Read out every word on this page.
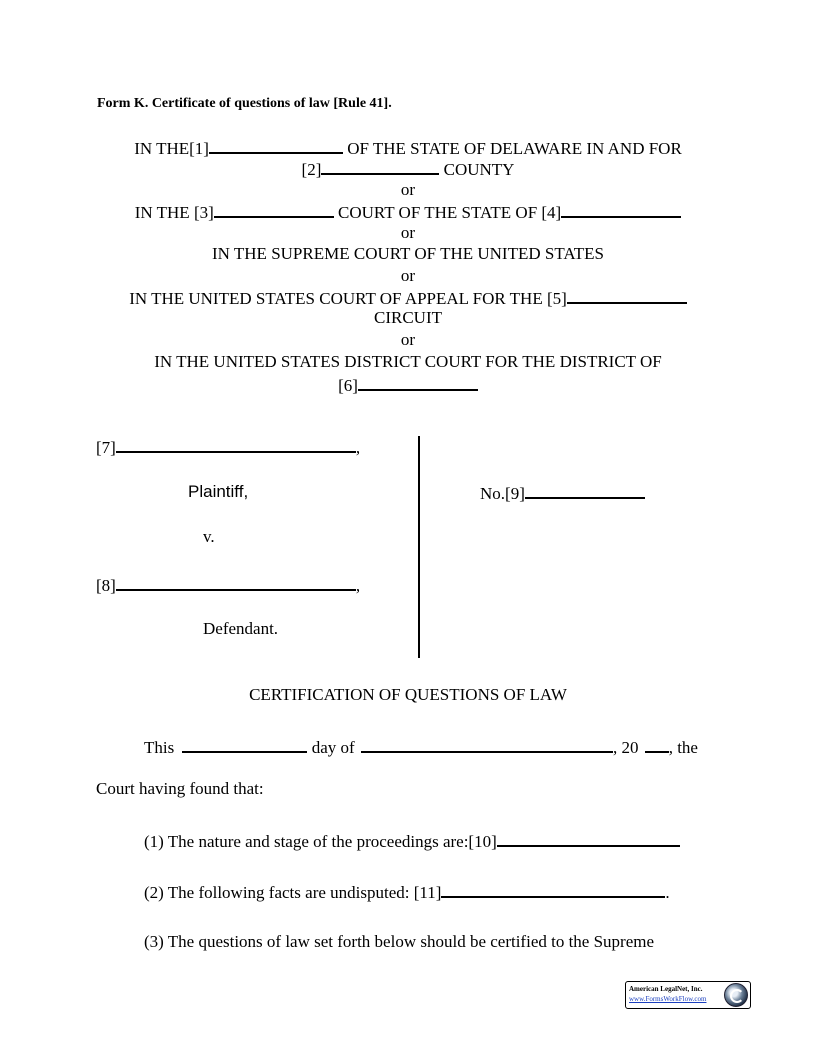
Form K. Certificate of questions of law [Rule 41].
IN THE[1]	OF THE STATE OF DELAWARE IN AND FOR
[2]	COUNTY
or
IN THE [3]	COURT OF THE STATE OF [4]
or
IN THE SUPREME COURT OF THE UNITED STATES
or
IN THE UNITED STATES COURT OF APPEAL FOR THE [5]
CIRCUIT
or
IN THE UNITED STATES DISTRICT COURT FOR THE DISTRICT OF
[6]
[7]	,
Plaintiff,
v.
[8]	,
Defendant.
No.[9]
CERTIFICATION OF QUESTIONS OF LAW
This	day of	, 20 , the
Court having found that:
(1) The nature and stage of the proceedings are:[10]
(2) The following facts are undisputed: [11]	.
(3) The questions of law set forth below should be certified to the Supreme
American LegalNet, Inc.
www.FormsWorkFlow.com
